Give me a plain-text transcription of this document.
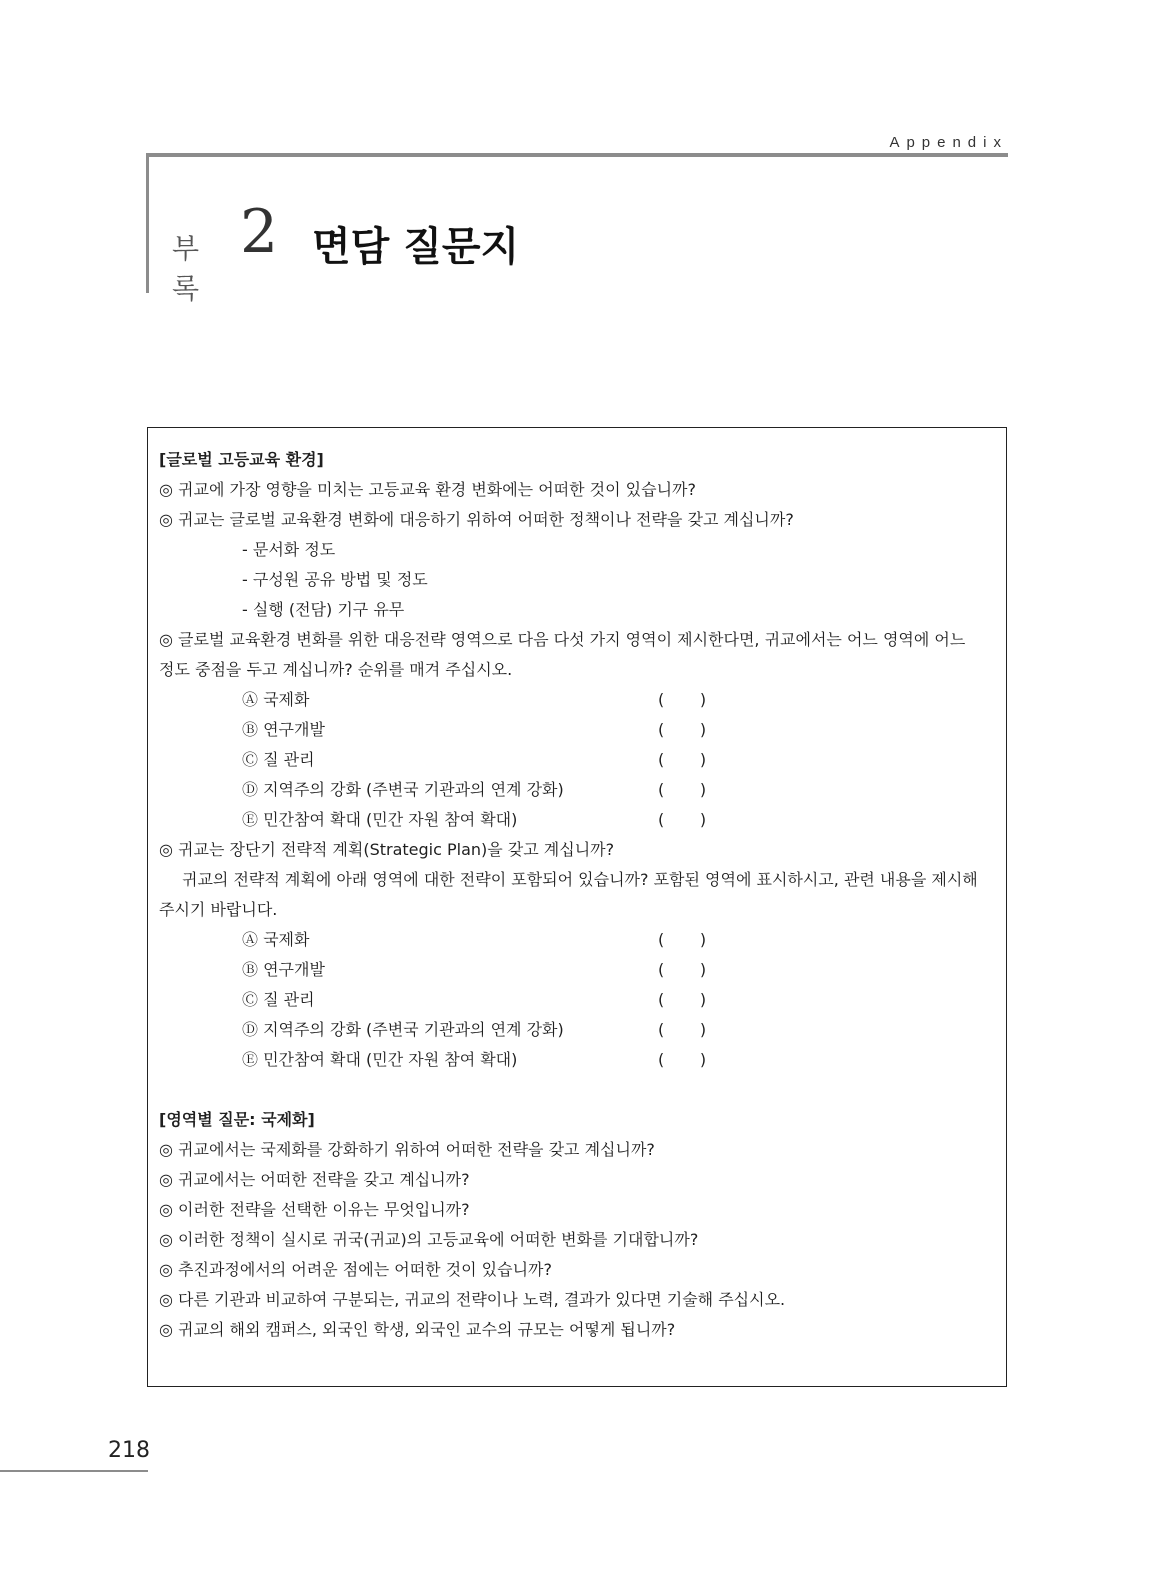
Appendix
부록
2 면담 질문지
[글로벌 고등교육 환경]
◎ 귀교에 가장 영향을 미치는 고등교육 환경 변화에는 어떠한 것이 있습니까?
◎ 귀교는 글로벌 교육환경 변화에 대응하기 위하여 어떠한 정책이나 전략을 갖고 계십니까?
- 문서화 정도
- 구성원 공유 방법 및 정도
- 실행 (전담) 기구 유무
◎ 글로벌 교육환경 변화를 위한 대응전략 영역으로 다음 다섯 가지 영역이 제시한다면, 귀교에서는 어느 영역에 어느
정도 중점을 두고 계십니까? 순위를 매겨 주십시오.
Ⓐ 국제화	(       )
Ⓑ 연구개발	(       )
Ⓒ 질 관리	(       )
Ⓓ 지역주의 강화 (주변국 기관과의 연계 강화)	(       )
Ⓔ 민간참여 확대 (민간 자원 참여 확대)	(       )
◎ 귀교는 장단기 전략적 계획(Strategic Plan)을 갖고 계십니까?
귀교의 전략적 계획에 아래 영역에 대한 전략이 포함되어 있습니까? 포함된 영역에 표시하시고, 관련 내용을 제시해
주시기 바랍니다.
Ⓐ 국제화	(       )
Ⓑ 연구개발	(       )
Ⓒ 질 관리	(       )
Ⓓ 지역주의 강화 (주변국 기관과의 연계 강화)	(       )
Ⓔ 민간참여 확대 (민간 자원 참여 확대)	(       )
[영역별 질문: 국제화]
◎ 귀교에서는 국제화를 강화하기 위하여 어떠한 전략을 갖고 계십니까?
◎ 귀교에서는 어떠한 전략을 갖고 계십니까?
◎ 이러한 전략을 선택한 이유는 무엇입니까?
◎ 이러한 정책이 실시로 귀국(귀교)의 고등교육에 어떠한 변화를 기대합니까?
◎ 추진과정에서의 어려운 점에는 어떠한 것이 있습니까?
◎ 다른 기관과 비교하여 구분되는, 귀교의 전략이나 노력, 결과가 있다면 기술해 주십시오.
◎ 귀교의 해외 캠퍼스, 외국인 학생, 외국인 교수의 규모는 어떻게 됩니까?
218
